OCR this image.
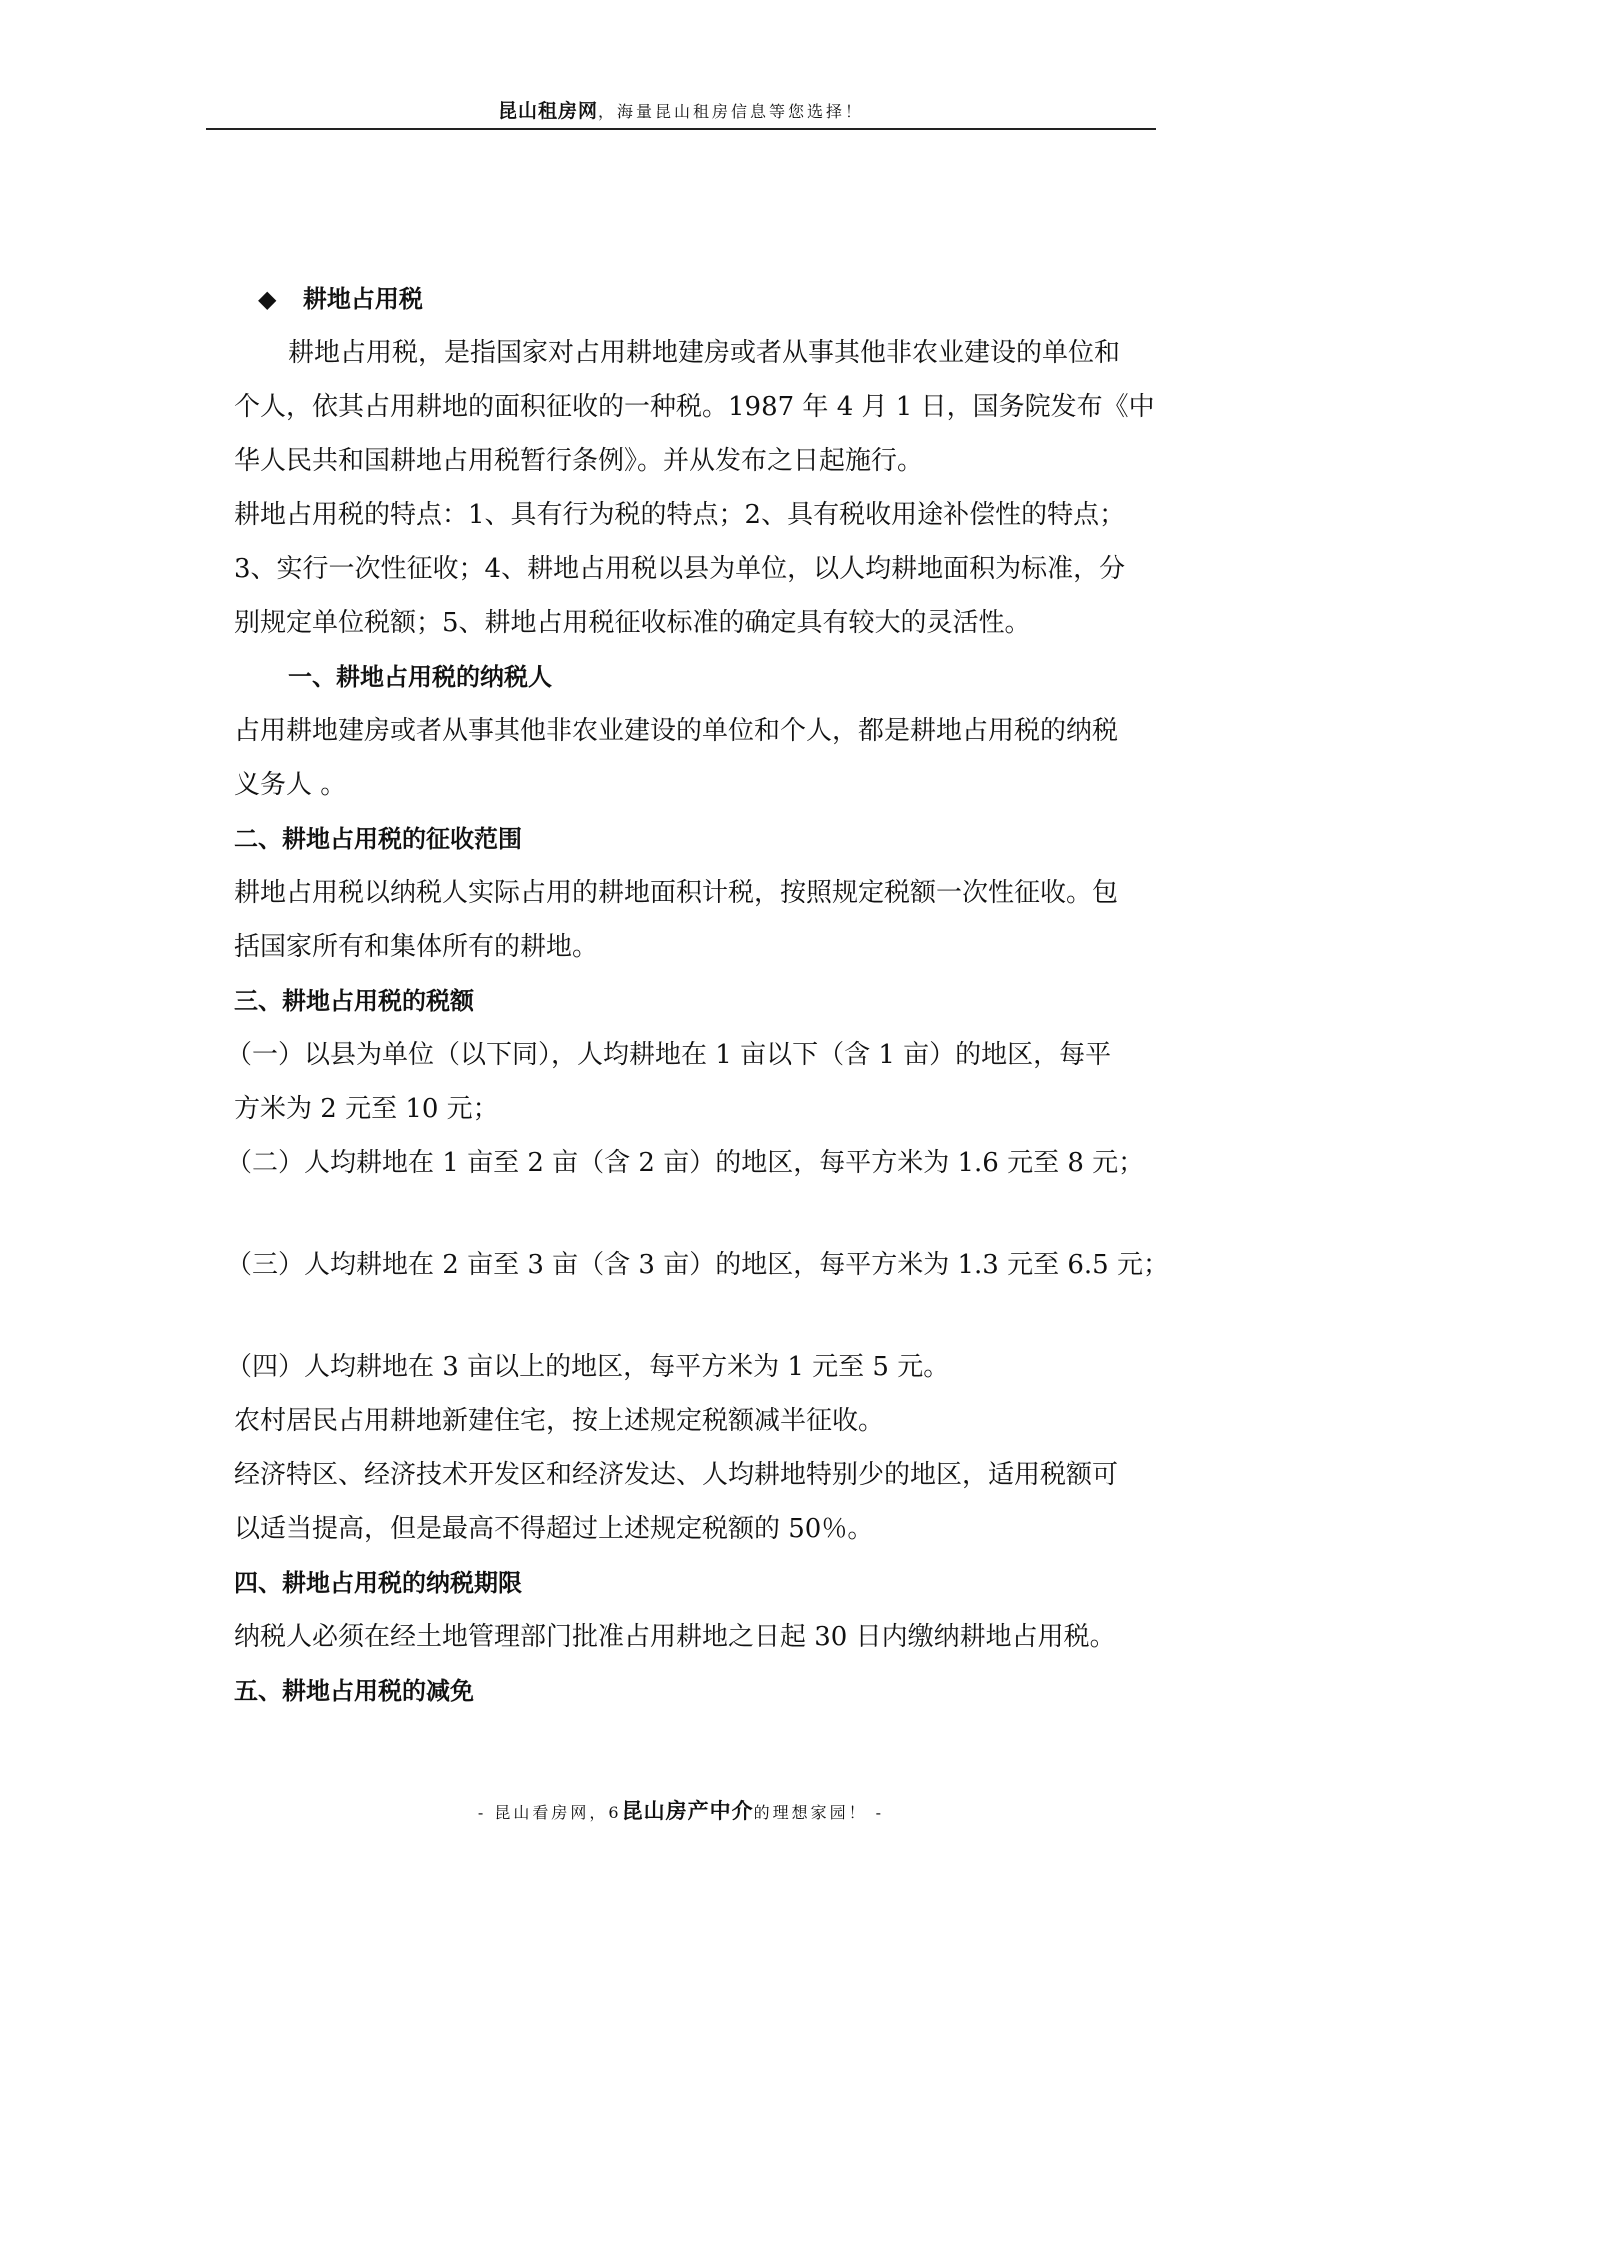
昆山租房网，海量昆山租房信息等您选择！
◆ 耕地占用税
耕地占用税，是指国家对占用耕地建房或者从事其他非农业建设的单位和
个人，依其占用耕地的面积征收的一种税。1987 年 4 月 1 日，国务院发布《中
华人民共和国耕地占用税暂行条例》。并从发布之日起施行。
耕地占用税的特点：1、具有行为税的特点；2、具有税收用途补偿性的特点；
3、实行一次性征收；4、耕地占用税以县为单位，以人均耕地面积为标准，分
别规定单位税额；5、耕地占用税征收标准的确定具有较大的灵活性。
一、耕地占用税的纳税人
占用耕地建房或者从事其他非农业建设的单位和个人，都是耕地占用税的纳税
义务人 。
二、耕地占用税的征收范围
耕地占用税以纳税人实际占用的耕地面积计税，按照规定税额一次性征收。包
括国家所有和集体所有的耕地。
三、耕地占用税的税额
（一）以县为单位（以下同），人均耕地在 1 亩以下（含 1 亩）的地区，每平
方米为 2 元至 10 元；
（二）人均耕地在 1 亩至 2 亩（含 2 亩）的地区，每平方米为 1.6 元至 8 元；
（三）人均耕地在 2 亩至 3 亩（含 3 亩）的地区，每平方米为 1.3 元至 6.5 元；
（四）人均耕地在 3 亩以上的地区，每平方米为 1 元至 5 元。
农村居民占用耕地新建住宅，按上述规定税额减半征收。
经济特区、经济技术开发区和经济发达、人均耕地特别少的地区，适用税额可
以适当提高，但是最高不得超过上述规定税额的 50％。
四、耕地占用税的纳税期限
纳税人必须在经土地管理部门批准占用耕地之日起 30 日内缴纳耕地占用税。
五、耕地占用税的减免
- 昆山看房网，6昆山房产中介的理想家园！ -
